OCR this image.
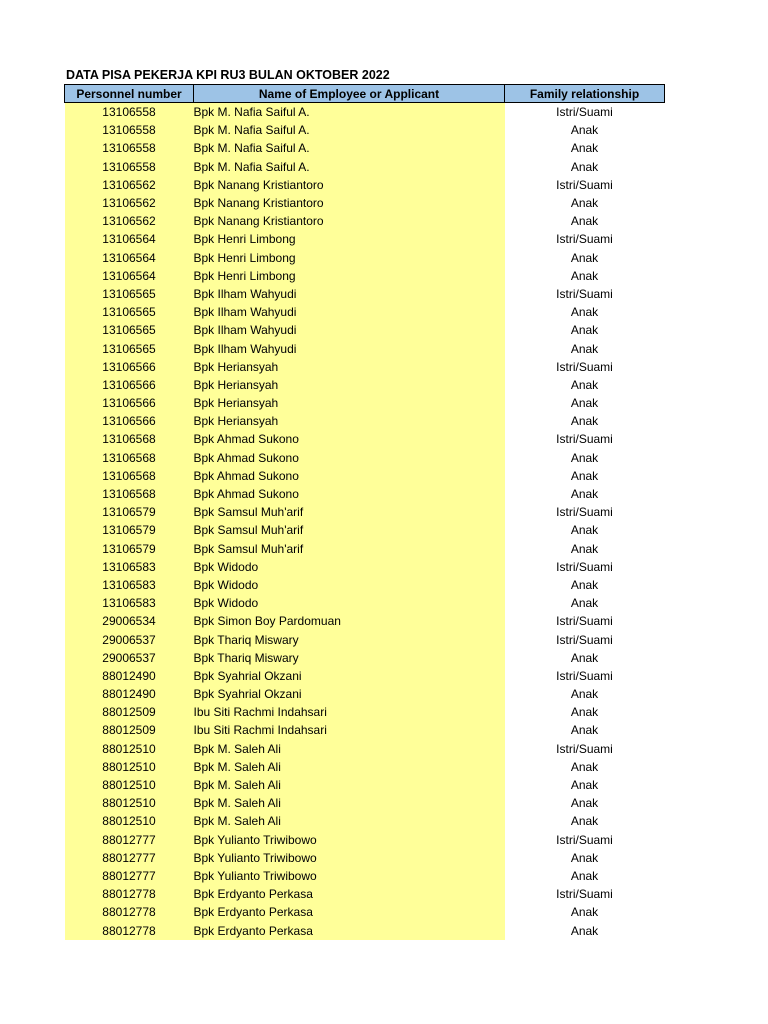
DATA PISA PEKERJA KPI RU3 BULAN OKTOBER 2022
Personnel number	Name of Employee or Applicant	Family relationship
13106558	Bpk M. Nafia Saiful A.	Istri/Suami
13106558	Bpk M. Nafia Saiful A.	Anak
13106558	Bpk M. Nafia Saiful A.	Anak
13106558	Bpk M. Nafia Saiful A.	Anak
13106562	Bpk Nanang Kristiantoro	Istri/Suami
13106562	Bpk Nanang Kristiantoro	Anak
13106562	Bpk Nanang Kristiantoro	Anak
13106564	Bpk Henri Limbong	Istri/Suami
13106564	Bpk Henri Limbong	Anak
13106564	Bpk Henri Limbong	Anak
13106565	Bpk Ilham Wahyudi	Istri/Suami
13106565	Bpk Ilham Wahyudi	Anak
13106565	Bpk Ilham Wahyudi	Anak
13106565	Bpk Ilham Wahyudi	Anak
13106566	Bpk Heriansyah	Istri/Suami
13106566	Bpk Heriansyah	Anak
13106566	Bpk Heriansyah	Anak
13106566	Bpk Heriansyah	Anak
13106568	Bpk Ahmad Sukono	Istri/Suami
13106568	Bpk Ahmad Sukono	Anak
13106568	Bpk Ahmad Sukono	Anak
13106568	Bpk Ahmad Sukono	Anak
13106579	Bpk Samsul Muh'arif	Istri/Suami
13106579	Bpk Samsul Muh'arif	Anak
13106579	Bpk Samsul Muh'arif	Anak
13106583	Bpk Widodo	Istri/Suami
13106583	Bpk Widodo	Anak
13106583	Bpk Widodo	Anak
29006534	Bpk Simon Boy Pardomuan	Istri/Suami
29006537	Bpk Thariq Miswary	Istri/Suami
29006537	Bpk Thariq Miswary	Anak
88012490	Bpk Syahrial Okzani	Istri/Suami
88012490	Bpk Syahrial Okzani	Anak
88012509	Ibu Siti Rachmi Indahsari	Anak
88012509	Ibu Siti Rachmi Indahsari	Anak
88012510	Bpk M. Saleh Ali	Istri/Suami
88012510	Bpk M. Saleh Ali	Anak
88012510	Bpk M. Saleh Ali	Anak
88012510	Bpk M. Saleh Ali	Anak
88012510	Bpk M. Saleh Ali	Anak
88012777	Bpk Yulianto Triwibowo	Istri/Suami
88012777	Bpk Yulianto Triwibowo	Anak
88012777	Bpk Yulianto Triwibowo	Anak
88012778	Bpk Erdyanto Perkasa	Istri/Suami
88012778	Bpk Erdyanto Perkasa	Anak
88012778	Bpk Erdyanto Perkasa	Anak
